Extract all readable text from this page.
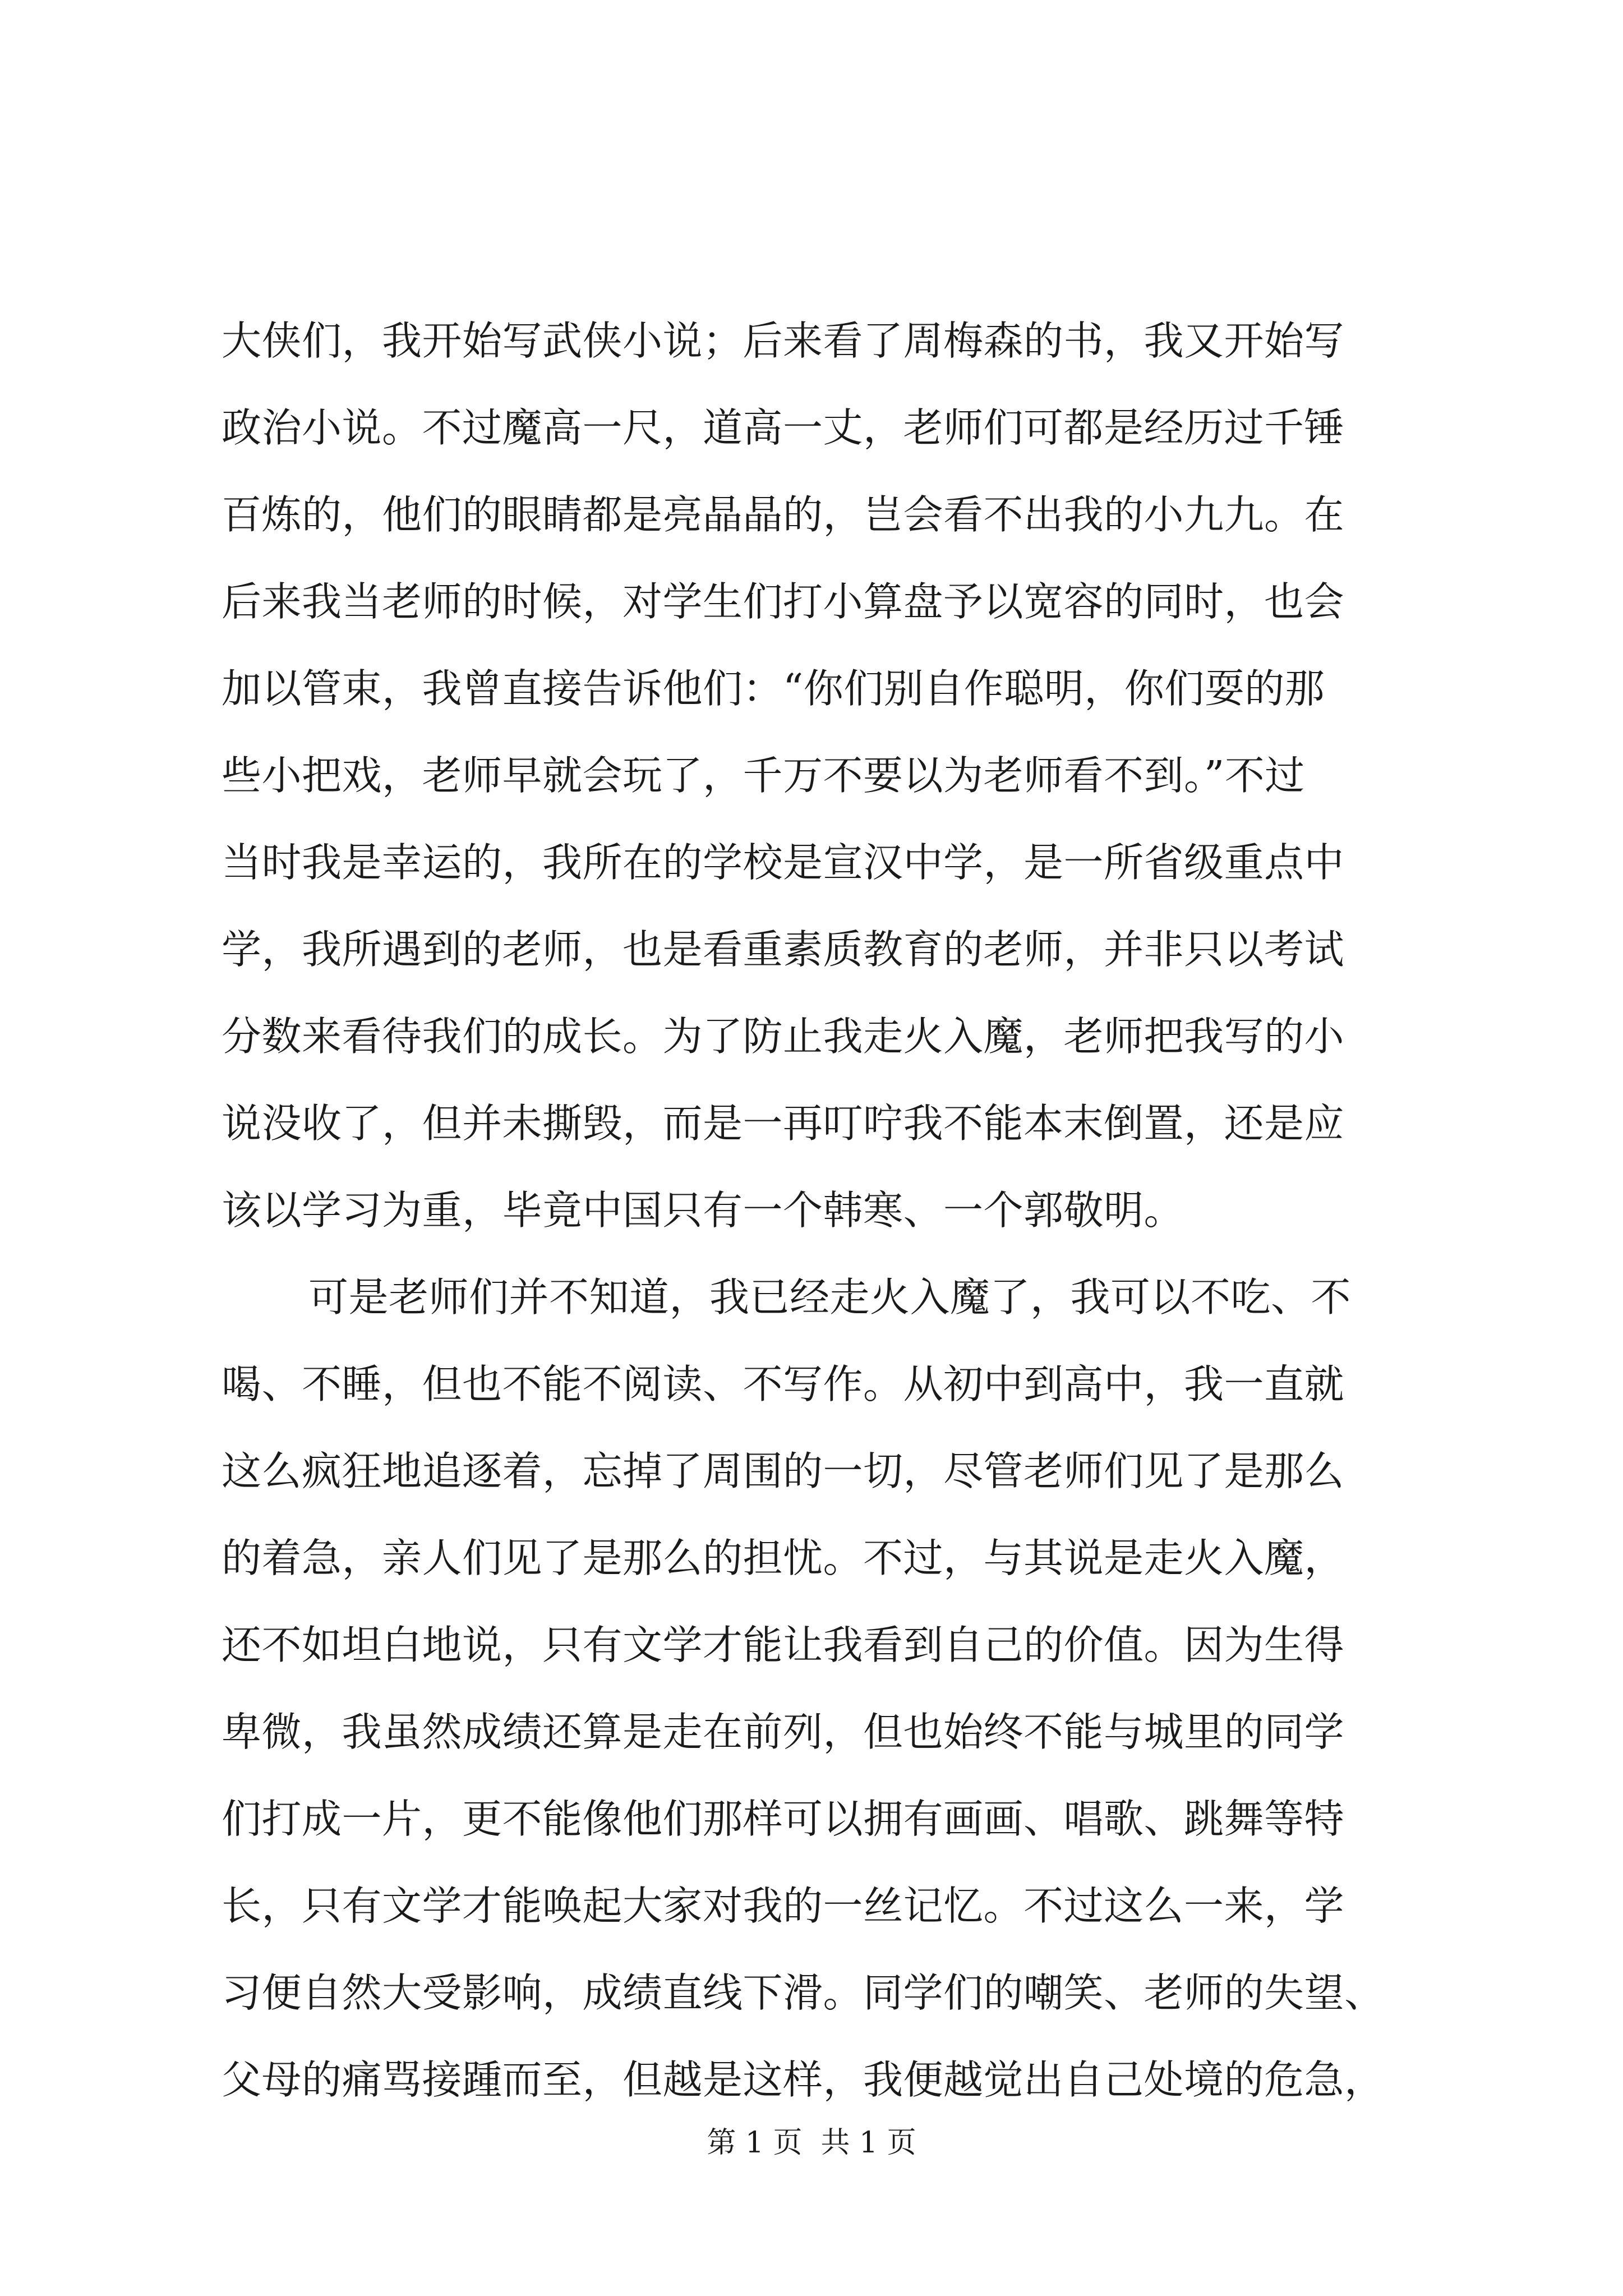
大侠们，我开始写武侠小说；后来看了周梅森的书，我又开始写
政治小说。不过魔高一尺，道高一丈，老师们可都是经历过千锤
百炼的，他们的眼睛都是亮晶晶的，岂会看不出我的小九九。在
后来我当老师的时候，对学生们打小算盘予以宽容的同时，也会
加以管束，我曾直接告诉他们：“你们别自作聪明，你们耍的那
些小把戏，老师早就会玩了，千万不要以为老师看不到。”不过
当时我是幸运的，我所在的学校是宣汉中学，是一所省级重点中
学，我所遇到的老师，也是看重素质教育的老师，并非只以考试
分数来看待我们的成长。为了防止我走火入魔，老师把我写的小
说没收了，但并未撕毁，而是一再叮咛我不能本末倒置，还是应
该以学习为重，毕竟中国只有一个韩寒、一个郭敬明。
可是老师们并不知道，我已经走火入魔了，我可以不吃、不
喝、不睡，但也不能不阅读、不写作。从初中到高中，我一直就
这么疯狂地追逐着，忘掉了周围的一切，尽管老师们见了是那么
的着急，亲人们见了是那么的担忧。不过，与其说是走火入魔，
还不如坦白地说，只有文学才能让我看到自己的价值。因为生得
卑微，我虽然成绩还算是走在前列，但也始终不能与城里的同学
们打成一片，更不能像他们那样可以拥有画画、唱歌、跳舞等特
长，只有文学才能唤起大家对我的一丝记忆。不过这么一来，学
习便自然大受影响，成绩直线下滑。同学们的嘲笑、老师的失望、
父母的痛骂接踵而至，但越是这样，我便越觉出自己处境的危急，
第 1 页  共 1 页
